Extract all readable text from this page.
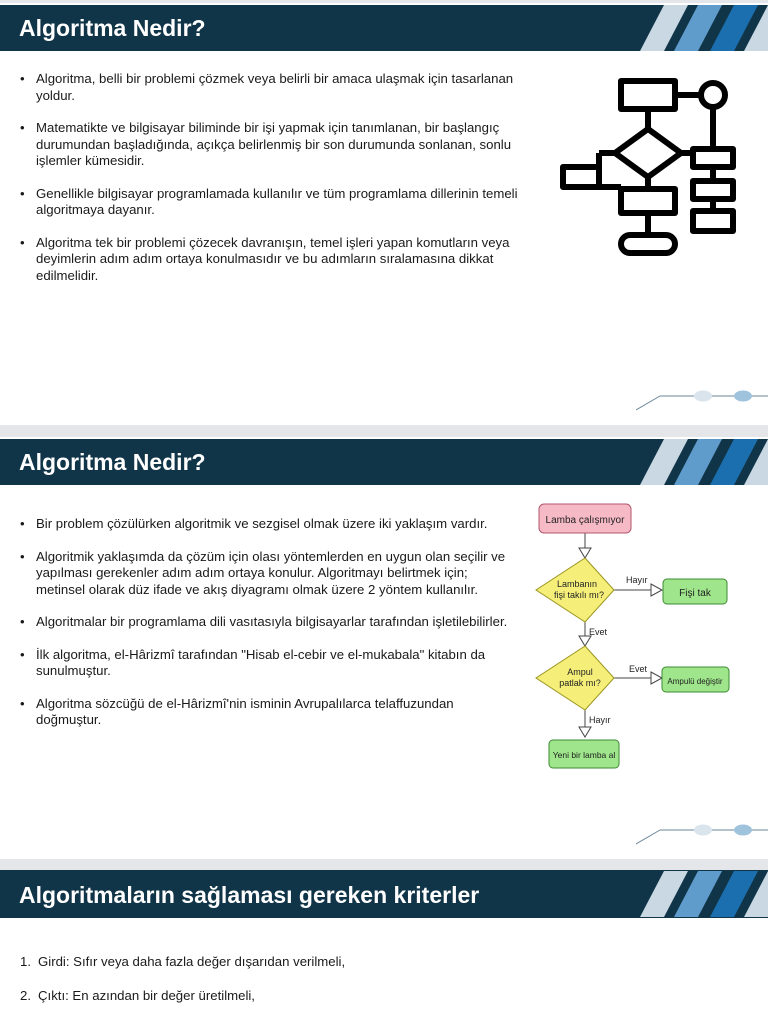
Algoritma Nedir?
• Algoritma, belli bir problemi çözmek veya belirli bir amaca ulaşmak için tasarlanan yoldur.
• Matematikte ve bilgisayar biliminde bir işi yapmak için tanımlanan, bir başlangıç durumundan başladığında, açıkça belirlenmiş bir son durumunda sonlanan, sonlu işlemler kümesidir.
• Genellikle bilgisayar programlamada kullanılır ve tüm programlama dillerinin temeli algoritmaya dayanır.
• Algoritma tek bir problemi çözecek davranışın, temel işleri yapan komutların veya deyimlerin adım adım ortaya konulmasıdır ve bu adımların sıralamasına dikkat edilmelidir.
Algoritma Nedir?
• Bir problem çözülürken algoritmik ve sezgisel olmak üzere iki yaklaşım vardır.
• Algoritmik yaklaşımda da çözüm için olası yöntemlerden en uygun olan seçilir ve yapılması gerekenler adım adım ortaya konulur. Algoritmayı belirtmek için; metinsel olarak düz ifade ve akış diyagramı olmak üzere 2 yöntem kullanılır.
• Algoritmalar bir programlama dili vasıtasıyla bilgisayarlar tarafından işletilebilirler.
• İlk algoritma, el-Hârizmî tarafından "Hisab el-cebir ve el-mukabala" kitabın da sunulmuştur.
• Algoritma sözcüğü de el-Hârizmî'nin isminin Avrupalılarca telaffuzundan doğmuştur.
Lamba çalışmıyor
Lambanın
fişi takılı mı?
Hayır
Evet
Fişi tak
Ampul
patlak mı?
Evet
Hayır
Ampulü değiştir
Yeni bir lamba al
Algoritmaların sağlaması gereken kriterler
1. Girdi: Sıfır veya daha fazla değer dışarıdan verilmeli,
2. Çıktı: En azından bir değer üretilmeli,
